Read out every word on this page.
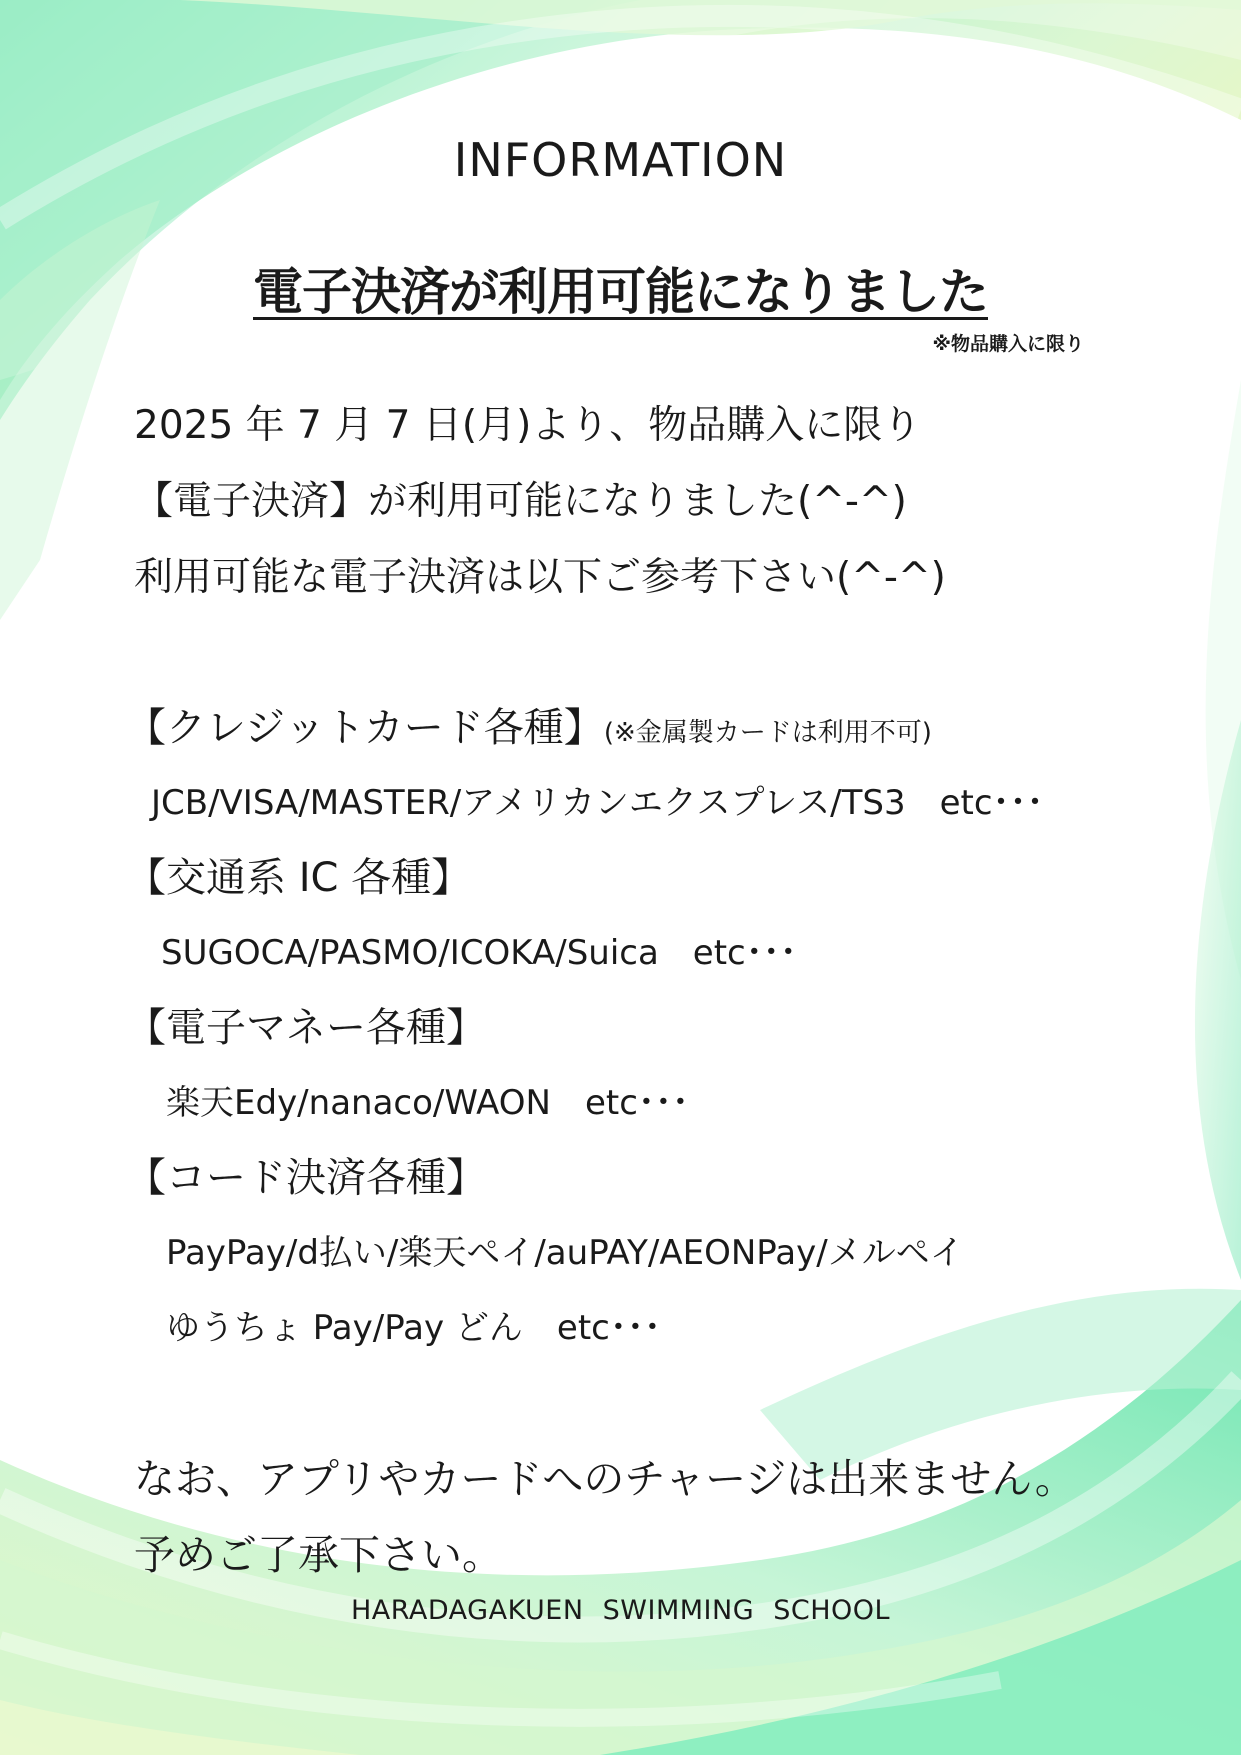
INFORMATION
電子決済が利用可能になりました
※物品購入に限り
2025 年 7 月 7 日(月)より、物品購入に限り
【電子決済】が利用可能になりました(^-^)
利用可能な電子決済は以下ご参考下さい(^-^)
【クレジットカード各種】(※金属製カードは利用不可)
JCB/VISA/MASTER/アメリカンエクスプレス/TS3　etc･･･
【交通系 IC 各種】
SUGOCA/PASMO/ICOKA/Suica　etc･･･
【電子マネー各種】
楽天Edy/nanaco/WAON　etc･･･
【コード決済各種】
PayPay/d払い/楽天ペイ/auPAY/AEONPay/メルペイ
ゆうちょ Pay/Pay どん　etc･･･
なお、アプリやカードへのチャージは出来ません。
予めご了承下さい。
HARADAGAKUEN SWIMMING SCHOOL
